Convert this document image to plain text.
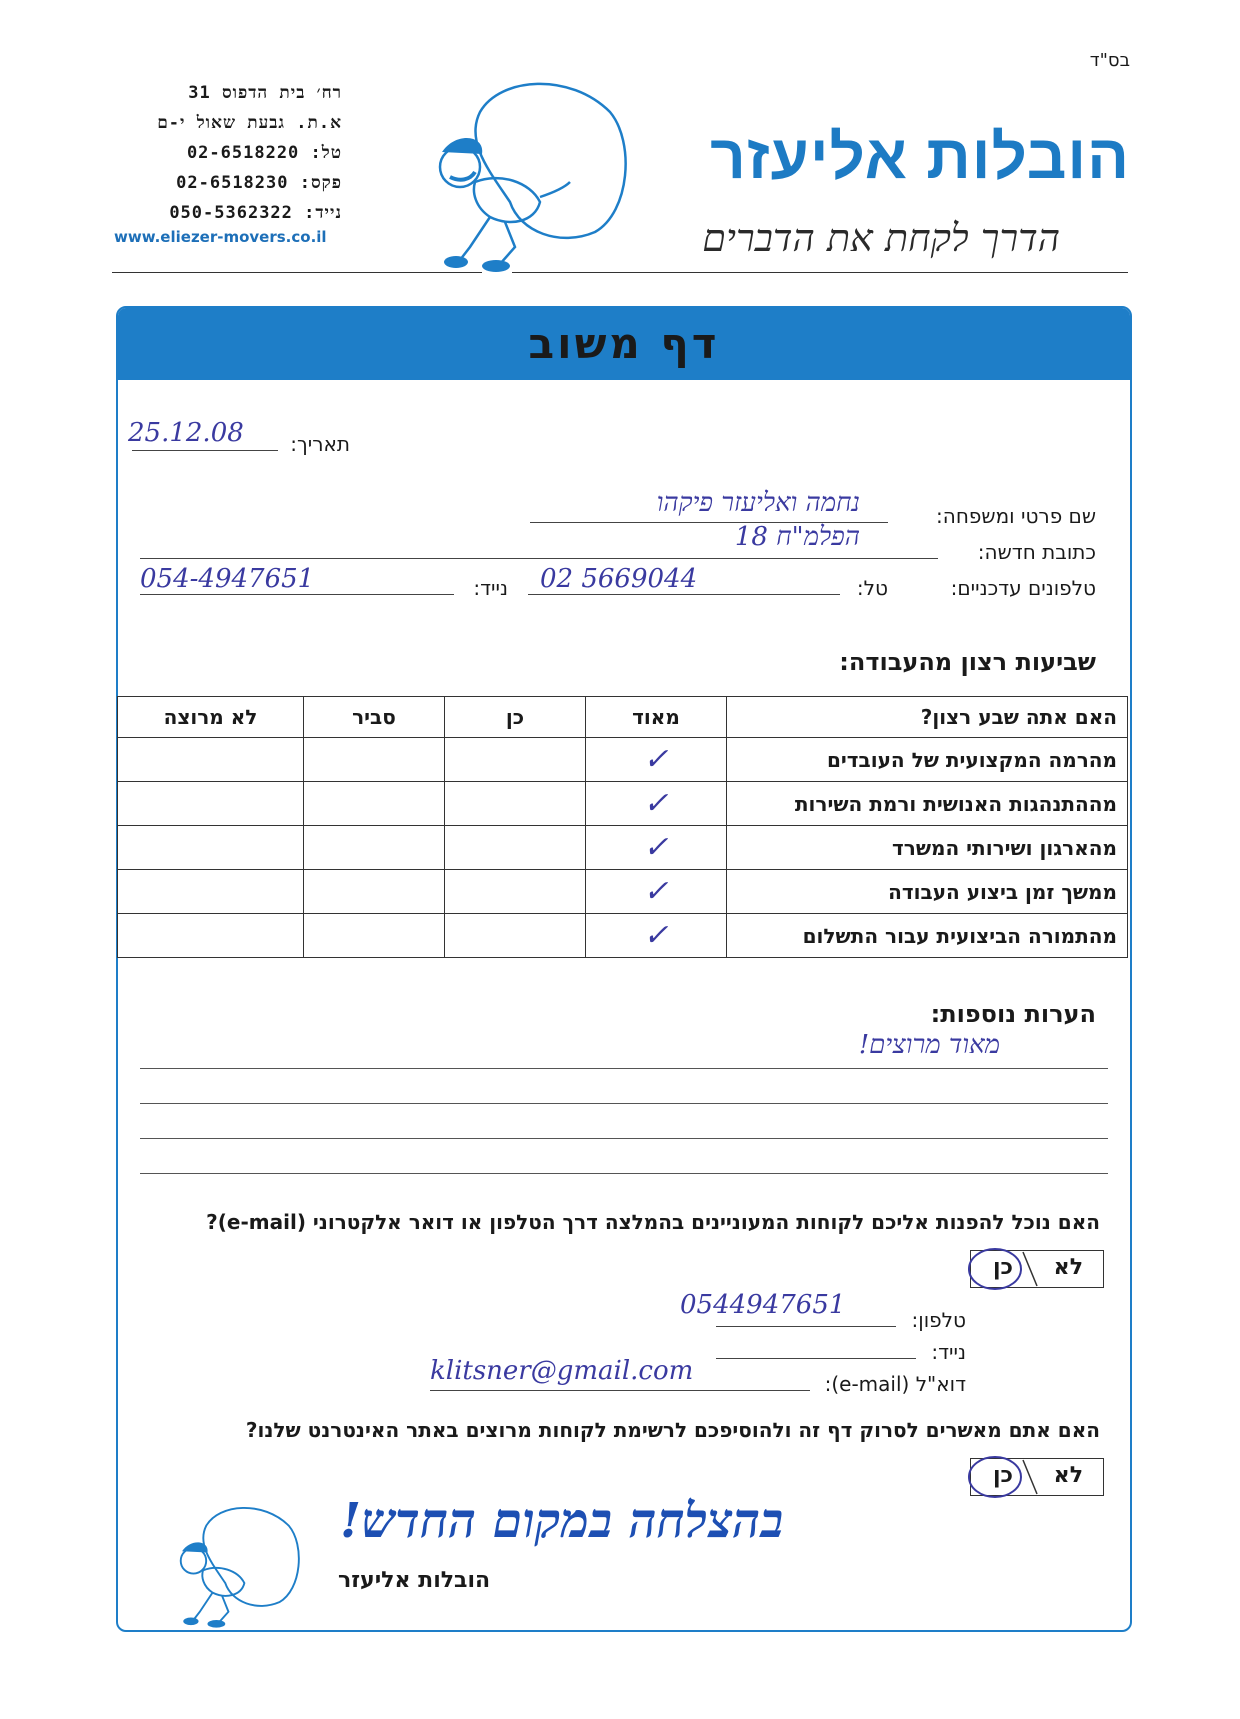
בס"ד
רח׳ בית הדפוס 31
א.ת. גבעת שאול י-ם
טל: 02-6518220
פקס: 02-6518230
נייד: 050-5362322
www.eliezer-movers.co.il
הובלות אליעזר
הדרך לקחת את הדברים
דף משוב
תאריך:
25.12.08
שם פרטי ומשפחה:
נחמה ואליעזר פיקהו
כתובת חדשה:
הפלמ"ח 18
טלפונים עדכניים:
טל:
02 5669044
נייד:
054-4947651
שביעות רצון מהעבודה:
האם אתה שבע רצון?	מאוד	כן	סביר	לא מרוצה
מהרמה המקצועית של העובדים	✓			
מההתנהגות האנושית ורמת השירות	✓			
מהארגון ושירותי המשרד	✓			
ממשך זמן ביצוע העבודה	✓			
מהתמורה הביצועית עבור התשלום	✓			
הערות נוספות:
מאוד מרוצים!
האם נוכל להפנות אליכם לקוחות המעוניינים בהמלצה דרך הטלפון או דואר אלקטרוני (e-mail)?
לא
כן
טלפון:
0544947651
נייד:
דוא"ל (e-mail):
klitsner@gmail.com
האם אתם מאשרים לסרוק דף זה ולהוסיפכם לרשימת לקוחות מרוצים באתר האינטרנט שלנו?
לא
כן
בהצלחה במקום החדש!
הובלות אליעזר
